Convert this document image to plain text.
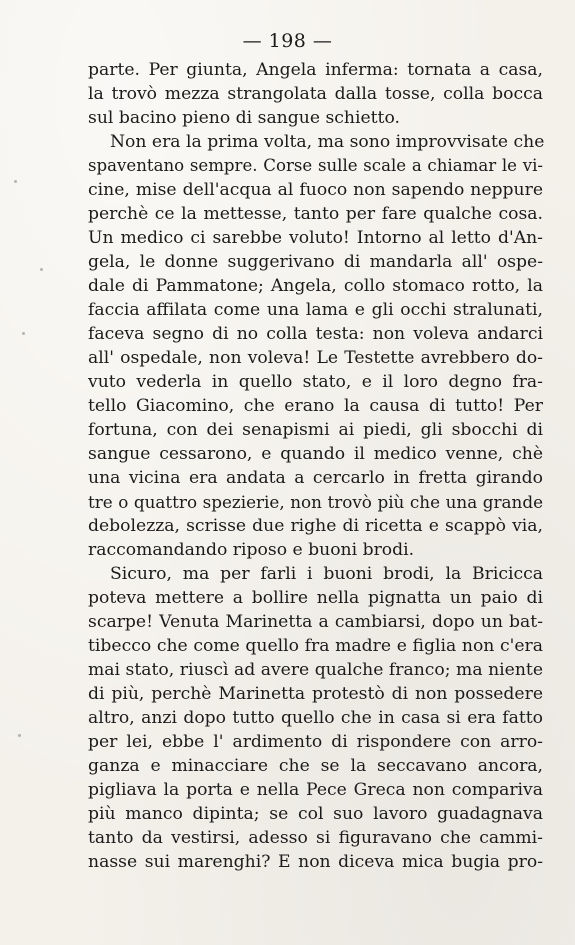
— 198 —
parte. Per giunta, Angela inferma: tornata a casa,
la trovò mezza strangolata dalla tosse, colla bocca
sul bacino pieno di sangue schietto.
Non era la prima volta, ma sono improvvisate che
spaventano sempre. Corse sulle scale a chiamar le vi-
cine, mise dell'acqua al fuoco non sapendo neppure
perchè ce la mettesse, tanto per fare qualche cosa.
Un medico ci sarebbe voluto! Intorno al letto d'An-
gela, le donne suggerivano di mandarla all' ospe-
dale di Pammatone; Angela, collo stomaco rotto, la
faccia affilata come una lama e gli occhi stralunati,
faceva segno di no colla testa: non voleva andarci
all' ospedale, non voleva! Le Testette avrebbero do-
vuto vederla in quello stato, e il loro degno fra-
tello Giacomino, che erano la causa di tutto! Per
fortuna, con dei senapismi ai piedi, gli sbocchi di
sangue cessarono, e quando il medico venne, chè
una vicina era andata a cercarlo in fretta girando
tre o quattro spezierie, non trovò più che una grande
debolezza, scrisse due righe di ricetta e scappò via,
raccomandando riposo e buoni brodi.
Sicuro, ma per farli i buoni brodi, la Bricicca
poteva mettere a bollire nella pignatta un paio di
scarpe! Venuta Marinetta a cambiarsi, dopo un bat-
tibecco che come quello fra madre e figlia non c'era
mai stato, riuscì ad avere qualche franco; ma niente
di più, perchè Marinetta protestò di non possedere
altro, anzi dopo tutto quello che in casa si era fatto
per lei, ebbe l' ardimento di rispondere con arro-
ganza e minacciare che se la seccavano ancora,
pigliava la porta e nella Pece Greca non compariva
più manco dipinta; se col suo lavoro guadagnava
tanto da vestirsi, adesso si figuravano che cammi-
nasse sui marenghi? E non diceva mica bugia pro-
